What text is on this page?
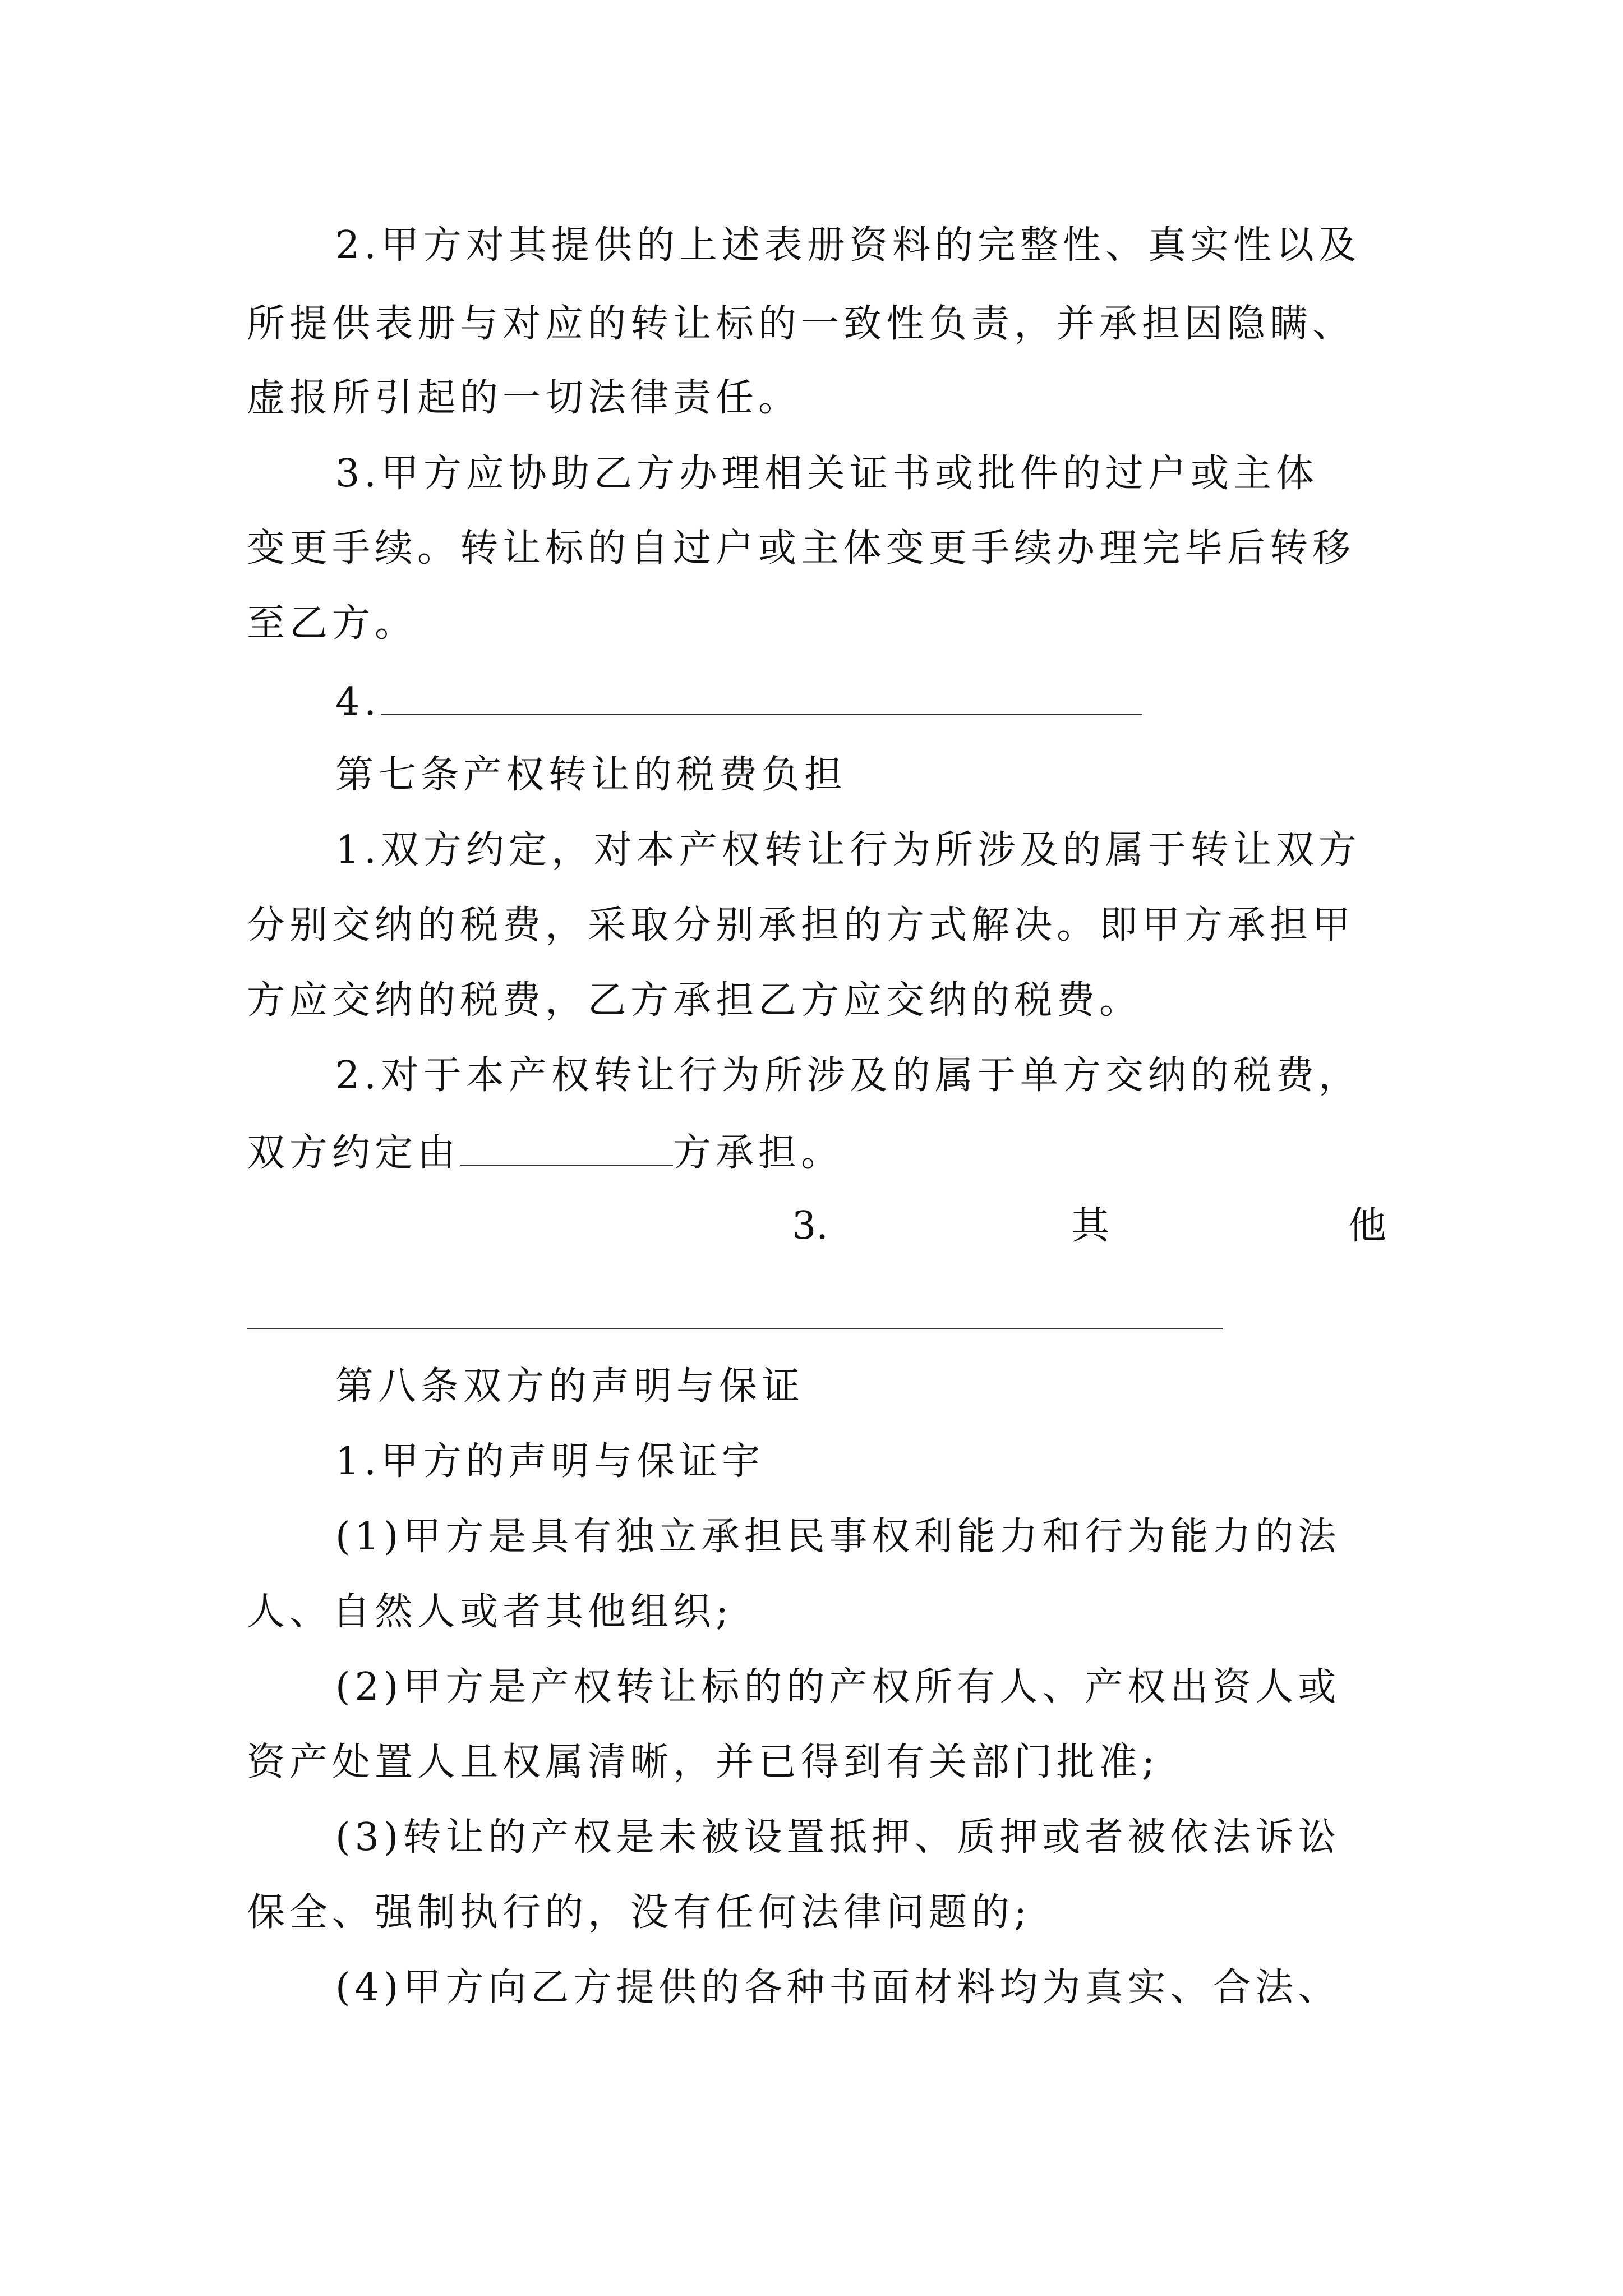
2.甲方对其提供的上述表册资料的完整性、真实性以及
所提供表册与对应的转让标的一致性负责，并承担因隐瞒、
虚报所引起的一切法律责任。
3.甲方应协助乙方办理相关证书或批件的过户或主体
变更手续。转让标的自过户或主体变更手续办理完毕后转移
至乙方。
4.
第七条产权转让的税费负担
1.双方约定，对本产权转让行为所涉及的属于转让双方
分别交纳的税费，采取分别承担的方式解决。即甲方承担甲
方应交纳的税费，乙方承担乙方应交纳的税费。
2.对于本产权转让行为所涉及的属于单方交纳的税费，
双方约定由	方承担。
3.	其	他
第八条双方的声明与保证
1.甲方的声明与保证宇
(1)甲方是具有独立承担民事权利能力和行为能力的法
人、自然人或者其他组织;
(2)甲方是产权转让标的的产权所有人、产权出资人或
资产处置人且权属清晰，并已得到有关部门批准;
(3)转让的产权是未被设置抵押、质押或者被依法诉讼
保全、强制执行的，没有任何法律问题的;
(4)甲方向乙方提供的各种书面材料均为真实、合法、
